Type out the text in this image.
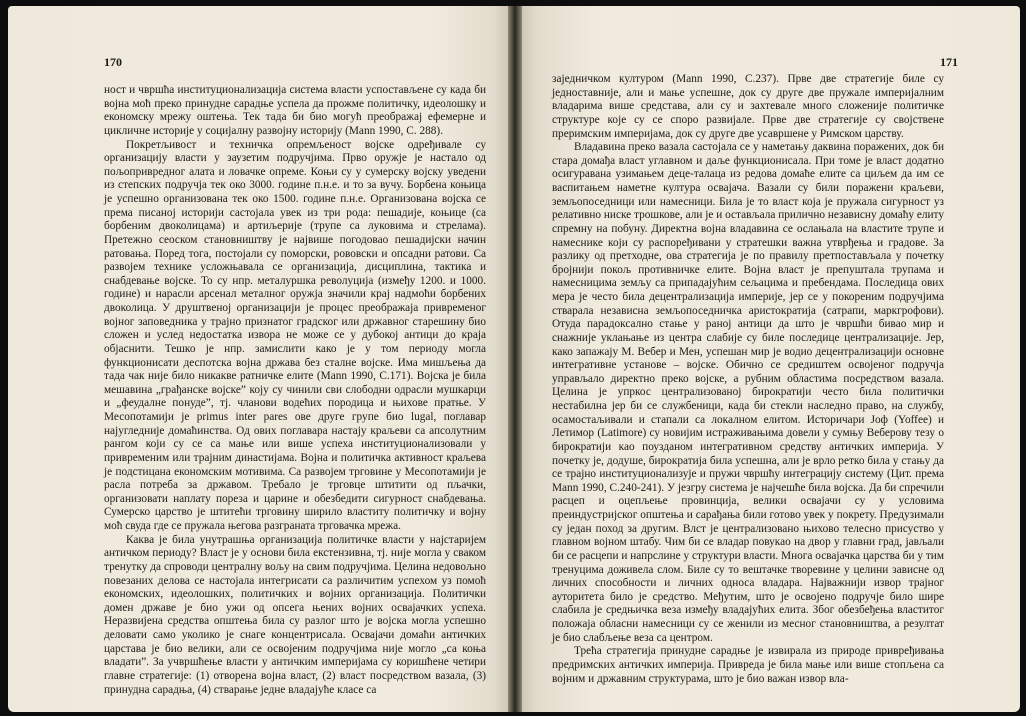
170

ност и чвршћа институционализација система власти успостављене су када би војна моћ преко принудне сарадње успела да прожме политичку, идеолошку и економску мрежу оштења. Тек тада би био могућ преображај ефемерне и цикличне историје у социјалну развојну историју (Mann 1990, C. 288).

Покретљивост и техничка опремљеност војске одређивале су организацију власти у заузетим подручјима. Прво оружје је настало од пољопривредног алата и ловачке опреме. Коњи су у сумерску војску уведени из степских подручја тек око 3000. године п.н.е. и то за вучу. Борбена коњица је успешно организована тек око 1500. године п.н.е. Организована војска се према писаној историји састојала увек из три рода: пешадије, коњице (са борбеним двоколицама) и артиљерије (трупе са луковима и стрелама). Претежно сеоском становништву је највише погодовао пешадијски начин ратовања. Поред тога, постојали су поморски, рововски и опсадни ратови. Са развојем технике усложњавала се организација, дисциплина, тактика и снабдевање војске. То су нпр. металуршка револуција (између 1200. и 1000. године) и нарасли арсенал металног оружја значили крај надмоћи борбених двоколица. У друштвеној организацији је процес преображаја привременог војног заповедника у трајно признатог градског или државног старешину био сложен и услед недостатка извора не може се у дубокој антици до краја објаснити. Тешко је нпр. замислити како је у том периоду могла функционисати деспотска војна држава без сталне војске. Има мишљења да тада чак није било никакве ратничке елите (Mann 1990, C.171). Војска је била мешавина „грађанске војске” коју су чинили сви слободни одрасли мушкарци и „феудалне понуде”, тј. чланови водећих породица и њихове пратње. У Месопотамији је primus inter pares ове друге групе био lugal, поглавар најугледније домаћинства. Од ових поглавара настају краљеви са апсолутним рангом који су се са мање или више успеха институционализовали у привременим или трајним династијама. Војна и политичка активност краљева је подстицана економским мотивима. Са развојем трговине у Месопотамији је расла потреба за државом. Требало је трговце штитити од пљачки, организовати наплату пореза и царине и обезбедити сигурност снабдевања. Сумерско царство је штитећи трговину ширило властиту политичку и војну моћ свуда где се пружала његова разграната трговачка мрежа.

Каква је била унутрашња организација политичке власти у најстаријем античком периоду? Власт је у основи била екстензивна, тј. није могла у сваком тренутку да спроводи централну вољу на свим подручјима. Целина недовољно повезаних делова се настојала интегрисати са различитим успехом уз помоћ економских, идеолошких, политичких и војних организација. Политички домен државе је био ужи од опсега њених војних освајачких успеха. Неразвијена средства општења била су разлог што је војска могла успешно деловати само уколико је снаге концентрисала. Освајачи домаћи античких царстава је био велики, али се освојеним подручјима није могло „са коња владати”. За учвршћење власти у античким империјама су коришћене четири главне стратегије: (1) отворена војна власт, (2) власт посредством вазала, (3) принудна сарадња, (4) стварање једне владајуће класе са

171

заједничком културом (Mann 1990, C.237). Прве две стратегије биле су једноставније, али и мање успешне, док су друге две пружале империјалним владарима више средстава, али су и захтевале много сложеније политичке структуре које су се споро развијале. Прве две стратегије су својствене преримским империјама, док су друге две усавршене у Римском царству.

Владавина преко вазала састојала се у наметању даквина поражених, док би стара домађа власт углавном и даље функционисала. При томе је власт додатно осигуравана узимањем деце-талаца из редова домаће елите са циљем да им се васпитањем наметне култура освајача. Вазали су били поражени краљеви, земљопоседници или намесници. Била је то власт која је пружала сигурност уз релативно ниске трошкове, али је и остављала прилично независну домаћу елиту спремну на побуну. Директна војна владавина се ослањала на властите трупе и намеснике који су распоређивани у стратешки важна утврђења и градове. За разлику од претходне, ова стратегија је по правилу претпостављала у почетку бројнији покољ противничке елите. Војна власт је препуштала трупама и намесницима земљу са припадајућим сељацима и пребендама. Последица ових мера је често била децентрализација империје, јер се у покореним подручјима стварала независна земљопоседничка аристократија (сатрапи, маркгрофови). Отуда парадоксално стање у раној антици да што је чвршћи бивао мир и снажније уклањање из центра слабије су биле последице централизације. Јер, како запажају М. Вебер и Мен, успешан мир је водио децентрализацији основне интегративне установе – војске. Обично се средиштем освојеног подручја управљало директно преко војске, а рубним областима посредством вазала. Целина је упркос централизованој бирократији често била политички нестабилна јер би се службеници, када би стекли наследно право, на службу, осамостаљивали и стапали са локалном елитом. Историчари Јоф (Yoffee) и Летимор (Latimore) су новијим истраживањима довели у сумњу Веберову тезу о бирократији као поузданом интегративном средству античких империја. У почетку је, додуше, бирократија била успешна, али је врло ретко била у стању да се трајно институционализује и пружи чвршћу интеграцију систему (Цит. према Mann 1990, C.240-241). У језгру система је најчешће била војска. Да би спречили расцеп и оцепљење провинција, велики освајачи су у условима преиндустријског општења и сарађања били готово увек у покрету. Предузимали су један поход за другим. Влст је централизовано њихово телесно присуство у главном војном штабу. Чим би се владар повукао на двор у главни град, јављали би се расцепи и напрслине у структури власти. Многа освајачка царства би у тим тренуцима доживела слом. Биле су то вештачке творевине у целини зависне од личних способности и личних односа владара. Најважнији извор трајног ауторитета било је средство. Међутим, што је освојено подручје било шире слабила је средњичка веза између владајућих елита. Због обезбеђења властитог положаја обласни намесници су се женили из месног становништва, а резултат је био слабљење веза са центром.

Трећа стратегија принудне сарадње је извирала из природе привређивања предримских античких империја. Привреда је била мање или више стопљена са војним и државним структурама, што је био важан извор вла-
